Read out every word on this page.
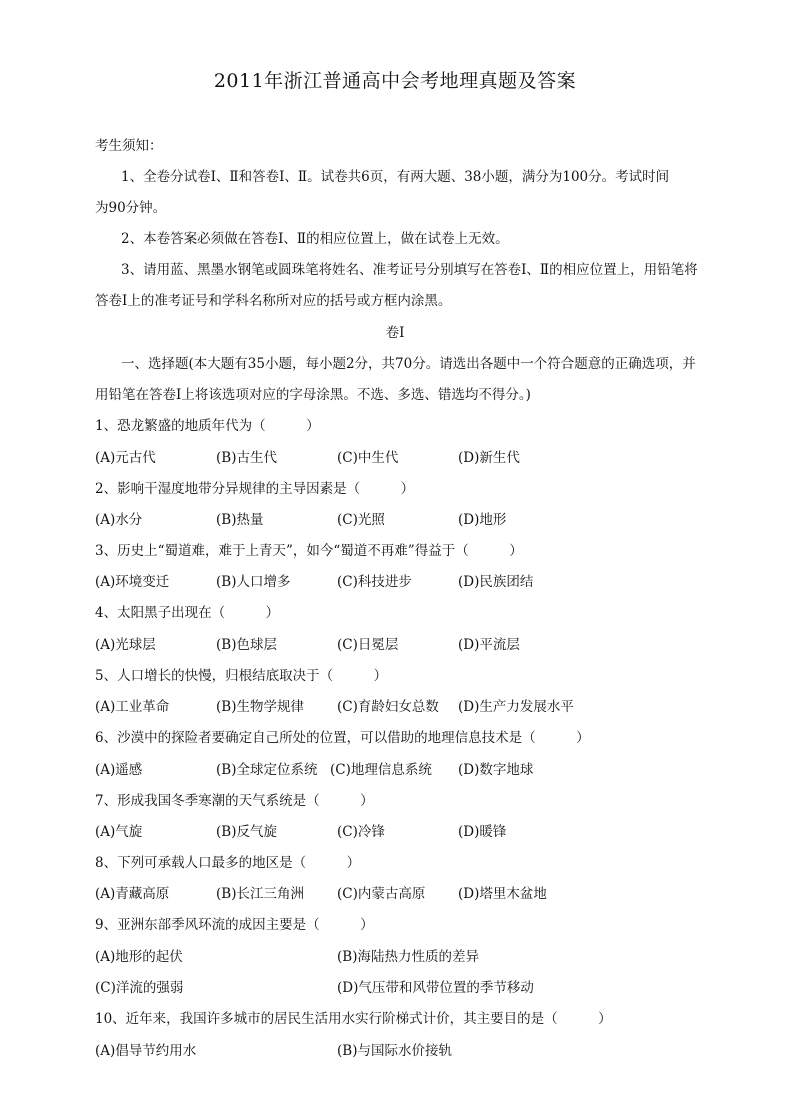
2011年浙江普通高中会考地理真题及答案
考生须知：
1、全卷分试卷Ⅰ、Ⅱ和答卷Ⅰ、Ⅱ。试卷共6页，有两大题、38小题，满分为100分。考试时间
为90分钟。
2、本卷答案必须做在答卷Ⅰ、Ⅱ的相应位置上，做在试卷上无效。
3、请用蓝、黑墨水钢笔或圆珠笔将姓名、准考证号分别填写在答卷Ⅰ、Ⅱ的相应位置上，用铅笔将
答卷Ⅰ上的准考证号和学科名称所对应的括号或方框内涂黑。
卷Ⅰ
一、选择题(本大题有35小题，每小题2分，共70分。请选出各题中一个符合题意的正确选项，并
用铅笔在答卷Ⅰ上将该选项对应的字母涂黑。不选、多选、错选均不得分。)
1、恐龙繁盛的地质年代为（　　　）
(A)元古代	(B)古生代	(C)中生代	(D)新生代
2、影响干湿度地带分异规律的主导因素是（　　　）
(A)水分	(B)热量	(C)光照	(D)地形
3、历史上“蜀道难，难于上青天”，如今“蜀道不再难”得益于（　　　）
(A)环境变迁	(B)人口增多	(C)科技进步	(D)民族团结
4、太阳黑子出现在（　　　）
(A)光球层	(B)色球层	(C)日冕层	(D)平流层
5、人口增长的快慢，归根结底取决于（　　　）
(A)工业革命	(B)生物学规律 (C)育龄妇女总数 (D)生产力发展水平
6、沙漠中的探险者要确定自己所处的位置，可以借助的地理信息技术是（　　　）
(A)遥感	(B)全球定位系统 (C)地理信息系统 (D)数字地球
7、形成我国冬季寒潮的天气系统是（　　　）
(A)气旋	(B)反气旋	(C)冷锋	(D)暖锋
8、下列可承载人口最多的地区是（　　　）
(A)青藏高原	(B)长江三角洲 (C)内蒙古高原 (D)塔里木盆地
9、亚洲东部季风环流的成因主要是（　　　）
(A)地形的起伏	(B)海陆热力性质的差异
(C)洋流的强弱	(D)气压带和风带位置的季节移动
10、近年来，我国许多城市的居民生活用水实行阶梯式计价，其主要目的是（　　　）
(A)倡导节约用水	(B)与国际水价接轨
